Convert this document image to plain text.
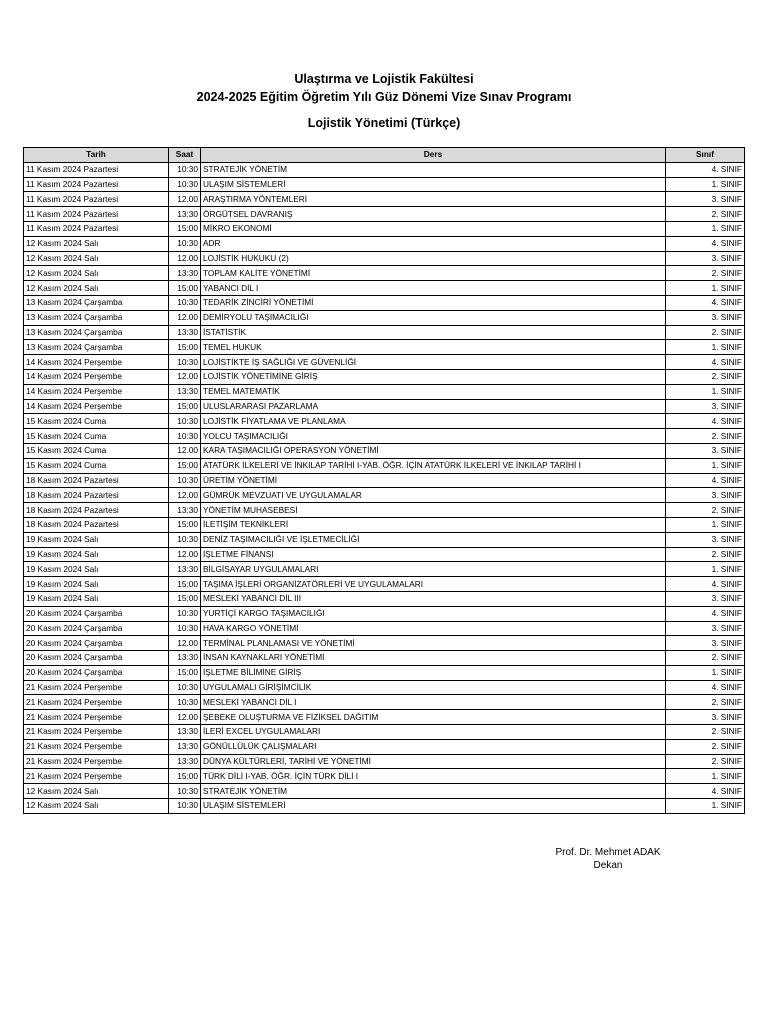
Ulaştırma ve Lojistik Fakültesi
2024-2025 Eğitim Öğretim Yılı Güz Dönemi Vize Sınav Programı
Lojistik Yönetimi (Türkçe)
Tarih	Saat	Ders	Sınıf
11 Kasım 2024 Pazartesi	10:30	STRATEJİK YÖNETİM	4. SINIF
11 Kasım 2024 Pazartesi	10:30	ULAŞIM SİSTEMLERİ	1. SINIF
11 Kasım 2024 Pazartesi	12.00	ARAŞTIRMA YÖNTEMLERİ	3. SINIF
11 Kasım 2024 Pazartesi	13:30	ÖRGÜTSEL DAVRANIŞ	2. SINIF
11 Kasım 2024 Pazartesi	15:00	MİKRO EKONOMİ	1. SINIF
12 Kasım 2024 Salı	10:30	ADR	4. SINIF
12 Kasım 2024 Salı	12.00	LOJİSTİK HUKUKU (2)	3. SINIF
12 Kasım 2024 Salı	13:30	TOPLAM KALİTE YÖNETİMİ	2. SINIF
12 Kasım 2024 Salı	15:00	YABANCI DİL I	1. SINIF
13 Kasım 2024 Çarşamba	10:30	TEDARİK ZİNCİRİ YÖNETİMİ	4. SINIF
13 Kasım 2024 Çarşamba	12.00	DEMİRYOLU TAŞIMACILIĞI	3. SINIF
13 Kasım 2024 Çarşamba	13:30	İSTATİSTİK	2. SINIF
13 Kasım 2024 Çarşamba	15:00	TEMEL HUKUK	1. SINIF
14 Kasım 2024 Perşembe	10:30	LOJİSTİKTE İŞ SAĞLIĞI VE GÜVENLİĞİ	4. SINIF
14 Kasım 2024 Perşembe	12.00	LOJİSTİK YÖNETİMİNE GİRİŞ	2. SINIF
14 Kasım 2024 Perşembe	13:30	TEMEL MATEMATİK	1. SINIF
14 Kasım 2024 Perşembe	15:00	ULUSLARARASI PAZARLAMA	3. SINIF
15 Kasım 2024 Cuma	10:30	LOJİSTİK FİYATLAMA VE PLANLAMA	4. SINIF
15 Kasım 2024 Cuma	10:30	YOLCU TAŞIMACILIĞI	2. SINIF
15 Kasım 2024 Cuma	12.00	KARA TAŞIMACILIĞI OPERASYON YÖNETİMİ	3. SINIF
15 Kasım 2024 Cuma	15:00	ATATÜRK İLKELERİ VE İNKILAP TARİHİ I-YAB. ÖĞR. İÇİN ATATÜRK İLKELERİ VE İNKILAP TARİHİ I	1. SINIF
18 Kasım 2024 Pazartesi	10:30	ÜRETİM YÖNETİMİ	4. SINIF
18 Kasım 2024 Pazartesi	12.00	GÜMRÜK MEVZUATI VE UYGULAMALAR	3. SINIF
18 Kasım 2024 Pazartesi	13:30	YÖNETİM MUHASEBESİ	2. SINIF
18 Kasım 2024 Pazartesi	15:00	İLETİŞİM TEKNİKLERİ	1. SINIF
19 Kasım 2024 Salı	10:30	DENİZ TAŞIMACILIĞI VE İŞLETMECİLİĞİ	3. SINIF
19 Kasım 2024 Salı	12.00	İŞLETME FİNANSI	2. SINIF
19 Kasım 2024 Salı	13:30	BİLGİSAYAR UYGULAMALARI	1. SINIF
19 Kasım 2024 Salı	15:00	TAŞIMA İŞLERİ ORGANİZATÖRLERİ VE UYGULAMALARI	4. SINIF
19 Kasım 2024 Salı	15:00	MESLEKİ YABANCI DİL III	3. SINIF
20 Kasım 2024 Çarşamba	10:30	YURTİÇİ KARGO TAŞIMACILIĞI	4. SINIF
20 Kasım 2024 Çarşamba	10:30	HAVA KARGO YÖNETİMİ	3. SINIF
20 Kasım 2024 Çarşamba	12.00	TERMİNAL PLANLAMASI VE YÖNETİMİ	3. SINIF
20 Kasım 2024 Çarşamba	13:30	İNSAN KAYNAKLARI YÖNETİMİ	2. SINIF
20 Kasım 2024 Çarşamba	15:00	İŞLETME BİLİMİNE GİRİŞ	1. SINIF
21 Kasım 2024 Perşembe	10:30	UYGULAMALI GİRİŞİMCİLİK	4. SINIF
21 Kasım 2024 Perşembe	10:30	MESLEKİ YABANCI DİL I	2. SINIF
21 Kasım 2024 Perşembe	12.00	ŞEBEKE OLUŞTURMA VE FİZİKSEL DAĞITIM	3. SINIF
21 Kasım 2024 Perşembe	13:30	İLERİ EXCEL UYGULAMALARI	2. SINIF
21 Kasım 2024 Perşembe	13:30	GÖNÜLLÜLÜK ÇALIŞMALARI	2. SINIF
21 Kasım 2024 Perşembe	13:30	DÜNYA KÜLTÜRLERİ, TARİHİ VE YÖNETİMİ	2. SINIF
21 Kasım 2024 Perşembe	15:00	TÜRK DİLİ I-YAB. ÖĞR. İÇİN TÜRK DİLİ I	1. SINIF
12 Kasım 2024 Salı	10:30	STRATEJİK YÖNETİM	4. SINIF
12 Kasım 2024 Salı	10:30	ULAŞIM SİSTEMLERİ	1. SINIF
Prof. Dr. Mehmet ADAK
Dekan
